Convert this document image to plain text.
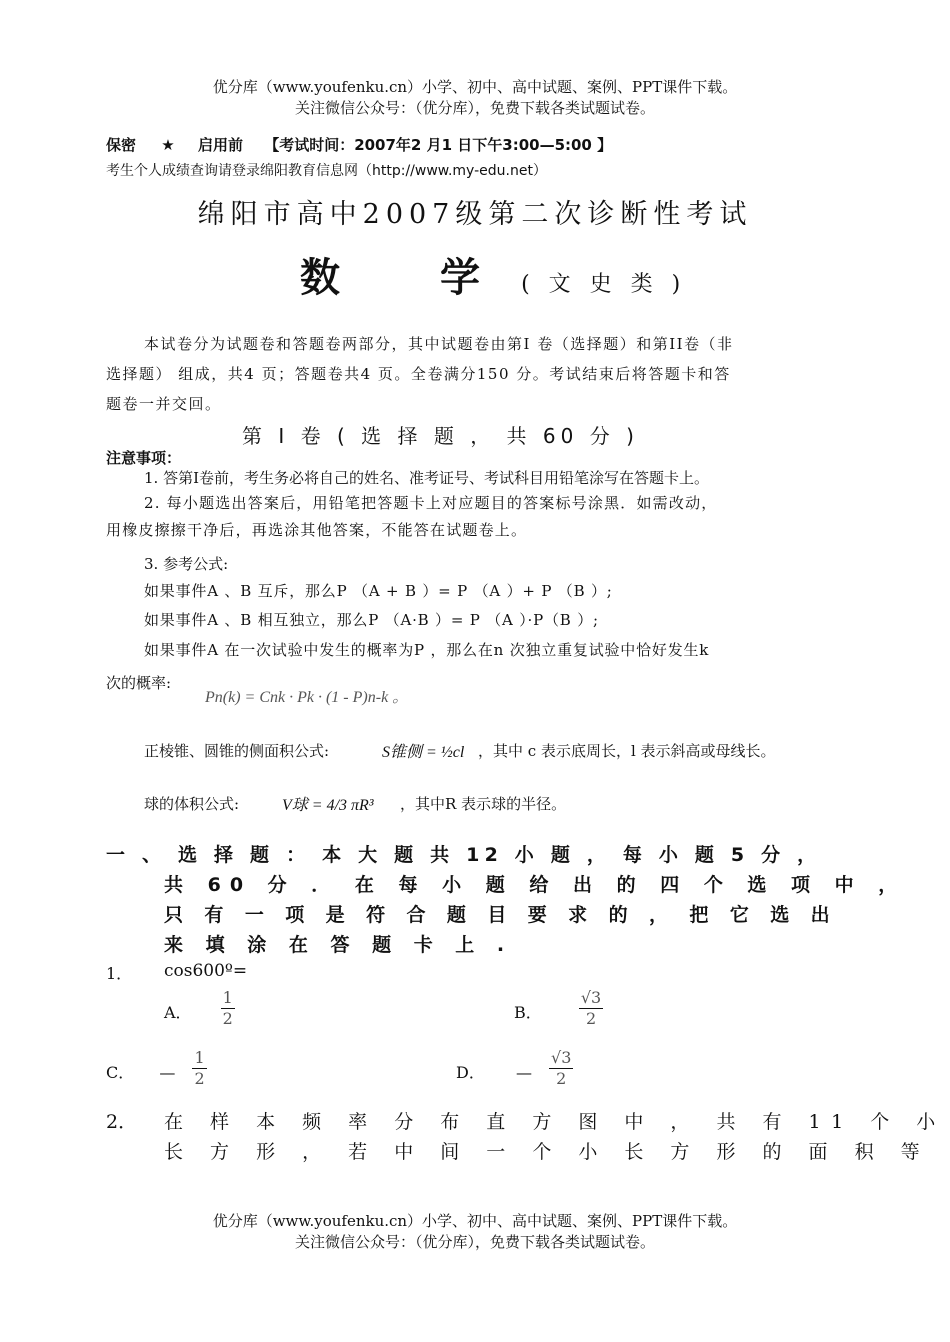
优分库（www.youfenku.cn）小学、初中、高中试题、案例、PPT课件下载。
关注微信公众号：（优分库），免费下载各类试题试卷。
保密 ★ 启用前 【考试时间：2007年2 月1 日下午3:00—5:00 】
考生个人成绩查询请登录绵阳教育信息网（http://www.my-edu.net）
绵阳市高中2007级第二次诊断性考试
数　学 ( 文 史 类 )
本试卷分为试题卷和答题卷两部分，其中试题卷由第I 卷（选择题）和第II卷（非
选择题） 组成，共4 页；答题卷共4 页。全卷满分150 分。考试结束后将答题卡和答
题卷一并交回。
第 I 卷 ( 选 择 题 ， 共 60 分 )
注意事项：
1. 答第I卷前，考生务必将自己的姓名、准考证号、考试科目用铅笔涂写在答题卡上。
2. 每小题选出答案后，用铅笔把答题卡上对应题目的答案标号涂黑．如需改动，
用橡皮擦擦干净后，再选涂其他答案，不能答在试题卷上。
3. 参考公式:
如果事件A 、B 互斥，那么P （A + B ）= P （A ）+ P （B ）;
如果事件A 、B 相互独立，那么P （A·B ）= P （A ）·P（B ）;
如果事件A 在一次试验中发生的概率为P ，那么在n 次独立重复试验中恰好发生k
次的概率:
Pn(k) = Cnk · Pk · (1 - P)n-k 。
正棱锥、圆锥的侧面积公式:	S锥侧 = ½cl ，其中 c 表示底周长，l 表示斜高或母线长。
球的体积公式:	V球 = 4/3 πR³ ，其中R 表示球的半径。
一 、 选 择 题 ： 本 大 题 共 12 小 题 ， 每 小 题 5 分 ，
共 60 分 ． 在 每 小 题 给 出 的 四 个 选 项 中 ，
只 有 一 项 是 符 合 题 目 要 求 的 ， 把 它 选 出
来 填 涂 在 答 题 卡 上 .
1． cos600º=
A． $\frac{1}{2}$	B． $\frac{√3}{2}$
C． — $\frac{1}{2}$	D． — $\frac{√3}{2}$
2． 在 样 本 频 率 分 布 直 方 图 中 ， 共 有 11 个 小
长 方 形 ， 若 中 间 一 个 小 长 方 形 的 面 积 等
优分库（www.youfenku.cn）小学、初中、高中试题、案例、PPT课件下载。
关注微信公众号：（优分库），免费下载各类试题试卷。
